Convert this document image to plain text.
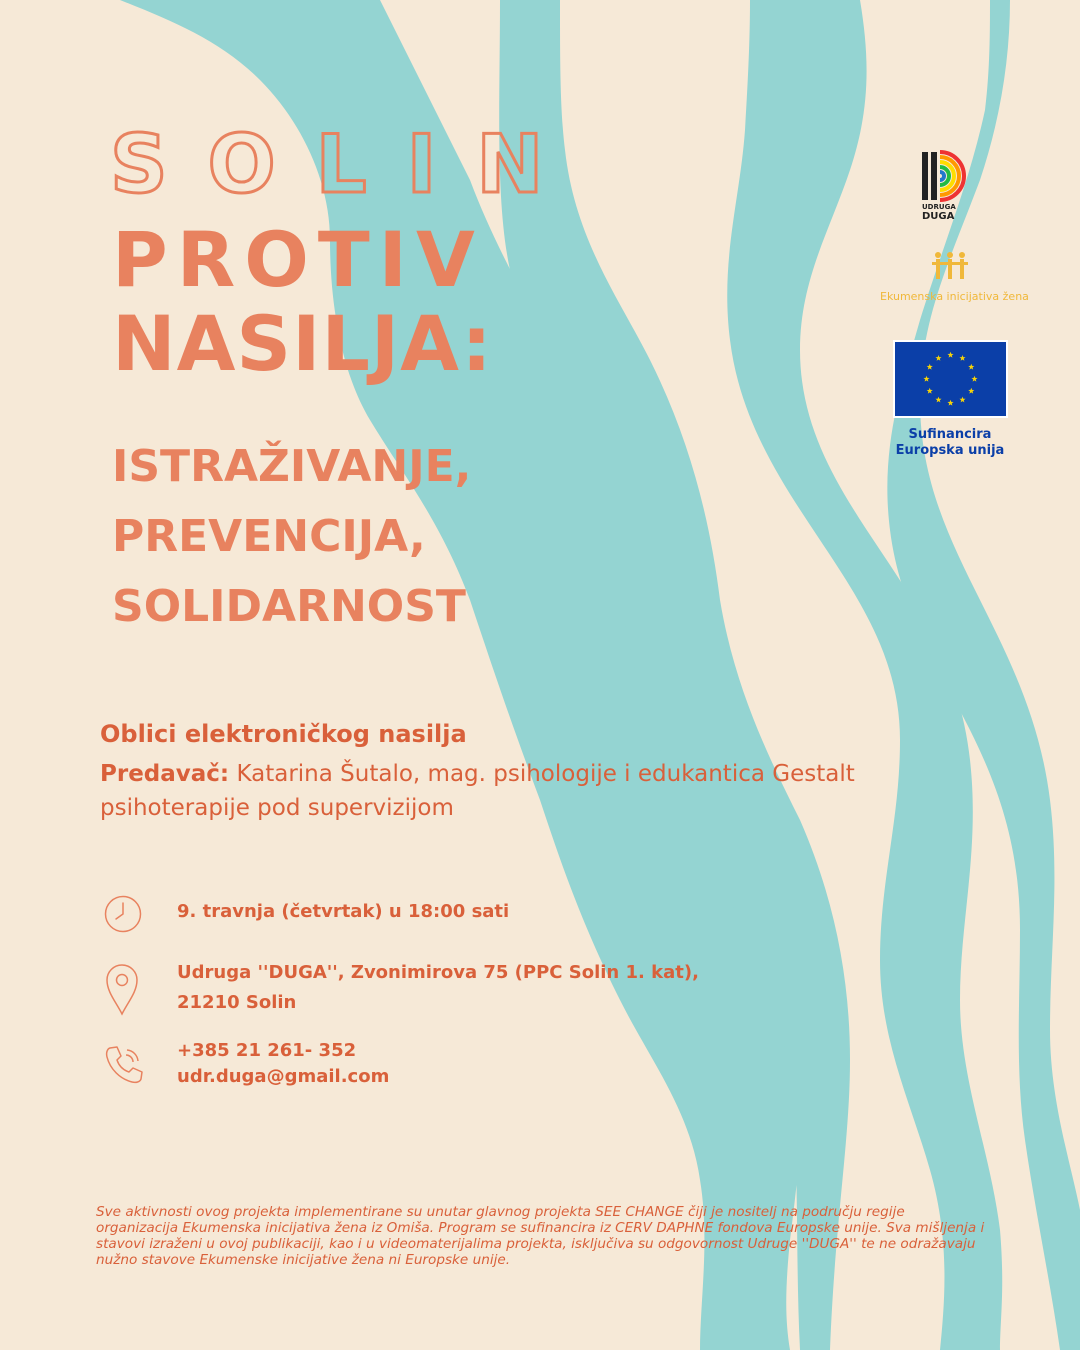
SOLIN
PROTIV
NASILJA:
ISTRAŽIVANJE,
PREVENCIJA,
SOLIDARNOST
Oblici elektroničkog nasilja
Predavač: Katarina Šutalo, mag. psihologije i edukantica Gestalt
psihoterapije pod supervizijom
9. travnja (četvrtak) u 18:00 sati
Udruga ''DUGA'', Zvonimirova 75 (PPC Solin 1. kat),
21210 Solin
+385 21 261- 352
udr.duga@gmail.com
UDRUGA
DUGA
Ekumenska inicijativa žena
Sufinancira
Europska unija

Sve aktivnosti ovog projekta implementirane su unutar glavnog projekta SEE CHANGE čiji je nositelj na području regije organizacija Ekumenska inicijativa žena iz Omiša. Program se sufinancira iz CERV DAPHNE fondova Europske unije. Sva mišljenja i stavovi izraženi u ovoj publikaciji, kao i u videomaterijalima projekta, isključiva su odgovornost Udruge ''DUGA'' te ne odražavaju nužno stavove Ekumenske inicijative žena ni Europske unije.
